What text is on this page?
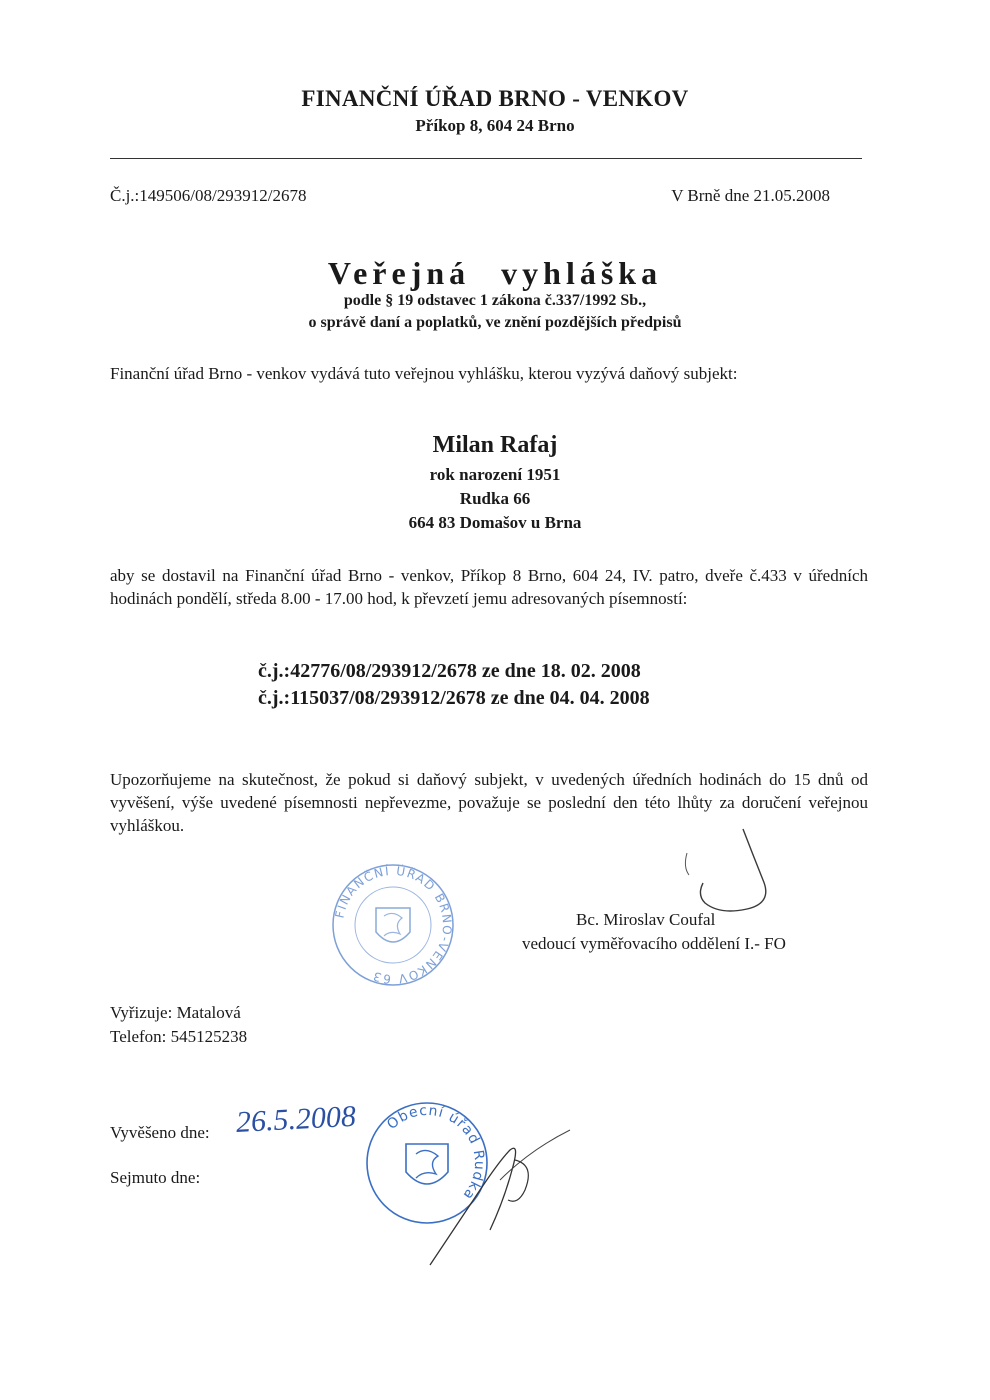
FINANČNÍ ÚŘAD BRNO - VENKOV
Příkop 8, 604 24 Brno
Č.j.:149506/08/293912/2678	V Brně dne 21.05.2008
Veřejná vyhláška
podle § 19 odstavec 1 zákona č.337/1992 Sb.,
o správě daní a poplatků, ve znění pozdějších předpisů
Finanční úřad Brno - venkov vydává tuto veřejnou vyhlášku, kterou vyzývá daňový subjekt:
Milan Rafaj
rok narození 1951
Rudka 66
664 83 Domašov u Brna
aby se dostavil na Finanční úřad Brno - venkov, Příkop 8 Brno, 604 24, IV. patro, dveře č.433 v úředních hodinách pondělí, středa 8.00 - 17.00 hod, k převzetí jemu adresovaných písemností:
č.j.:42776/08/293912/2678 ze dne 18. 02. 2008
č.j.:115037/08/293912/2678 ze dne 04. 04. 2008
Upozorňujeme na skutečnost, že pokud si daňový subjekt, v uvedených úředních hodinách do 15 dnů od vyvěšení, výše uvedené písemnosti nepřevezme, považuje se poslední den této lhůty za doručení veřejnou vyhláškou.
FINANČNÍ ÚŘAD BRNO-VENKOV 63
Bc. Miroslav Coufal
vedoucí vyměřovacího oddělení I.- FO
Vyřizuje: Matalová
Telefon: 545125238
Vyvěšeno dne: 26.5.2008
Sejmuto dne:
Obecní úřad Rudka
